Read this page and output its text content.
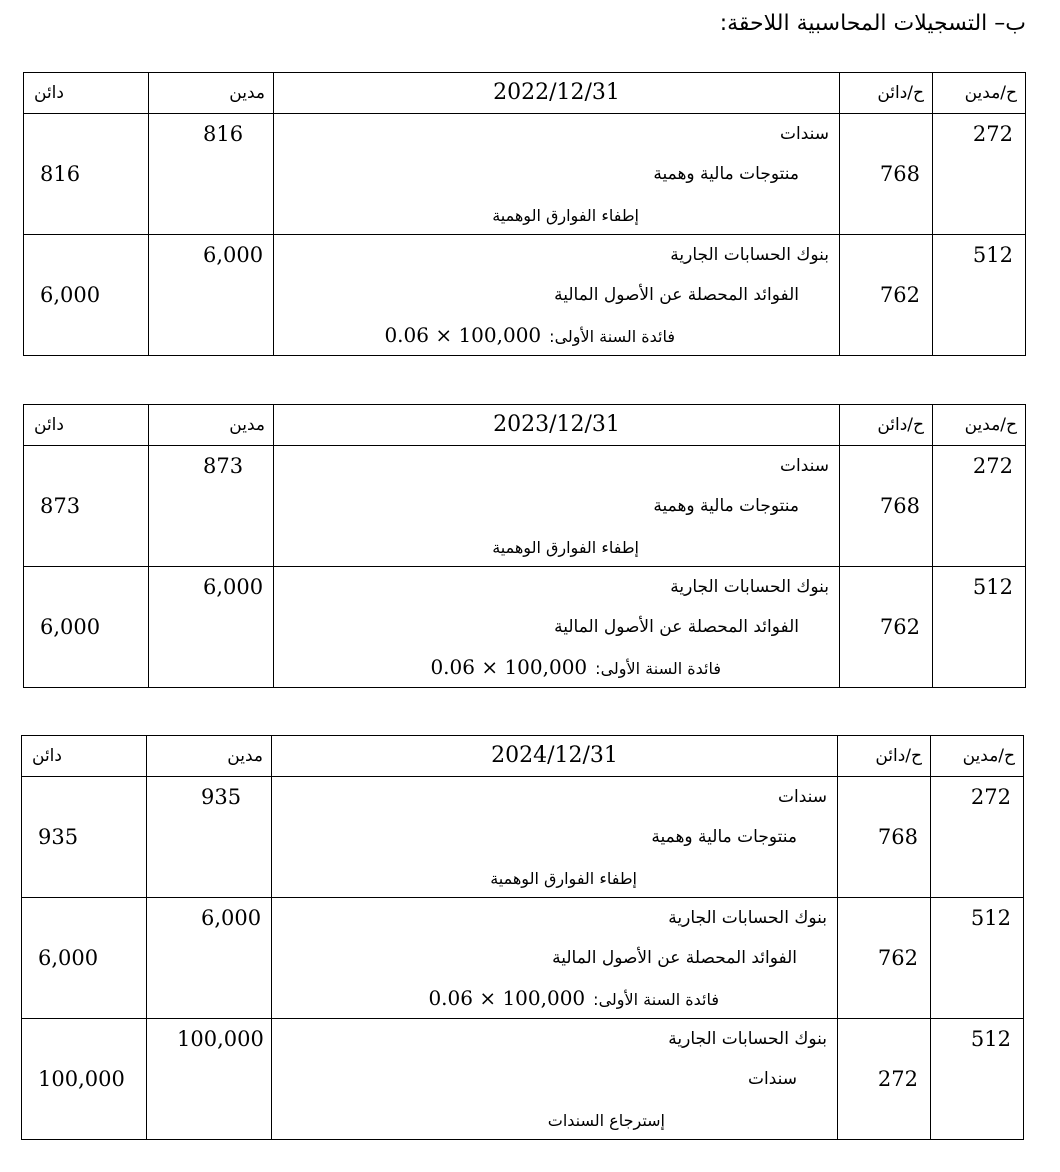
ب– التسجيلات المحاسبية اللاحقة:
ح/مدين	ح/دائن	2022/12/31	مدين	دائن

272	768	سندات
منتوجات مالية وهمية
إطفاء الفوارق الوهمية	816	816

512	762	بنوك الحسابات الجارية
الفوائد المحصلة عن الأصول المالية
فائدة السنة الأولى:100,000 × 0.06	6,000	6,000
ح/مدين	ح/دائن	2023/12/31	مدين	دائن

272	768	سندات
منتوجات مالية وهمية
إطفاء الفوارق الوهمية	873	873

512	762	بنوك الحسابات الجارية
الفوائد المحصلة عن الأصول المالية
فائدة السنة الأولى:100,000 × 0.06	6,000	6,000
ح/مدين	ح/دائن	2024/12/31	مدين	دائن

272	768	سندات
منتوجات مالية وهمية
إطفاء الفوارق الوهمية	935	935

512	762	بنوك الحسابات الجارية
الفوائد المحصلة عن الأصول المالية
فائدة السنة الأولى:100,000 × 0.06	6,000	6,000

512	272	بنوك الحسابات الجارية
سندات
إسترجاع السندات	100,000	100,000
